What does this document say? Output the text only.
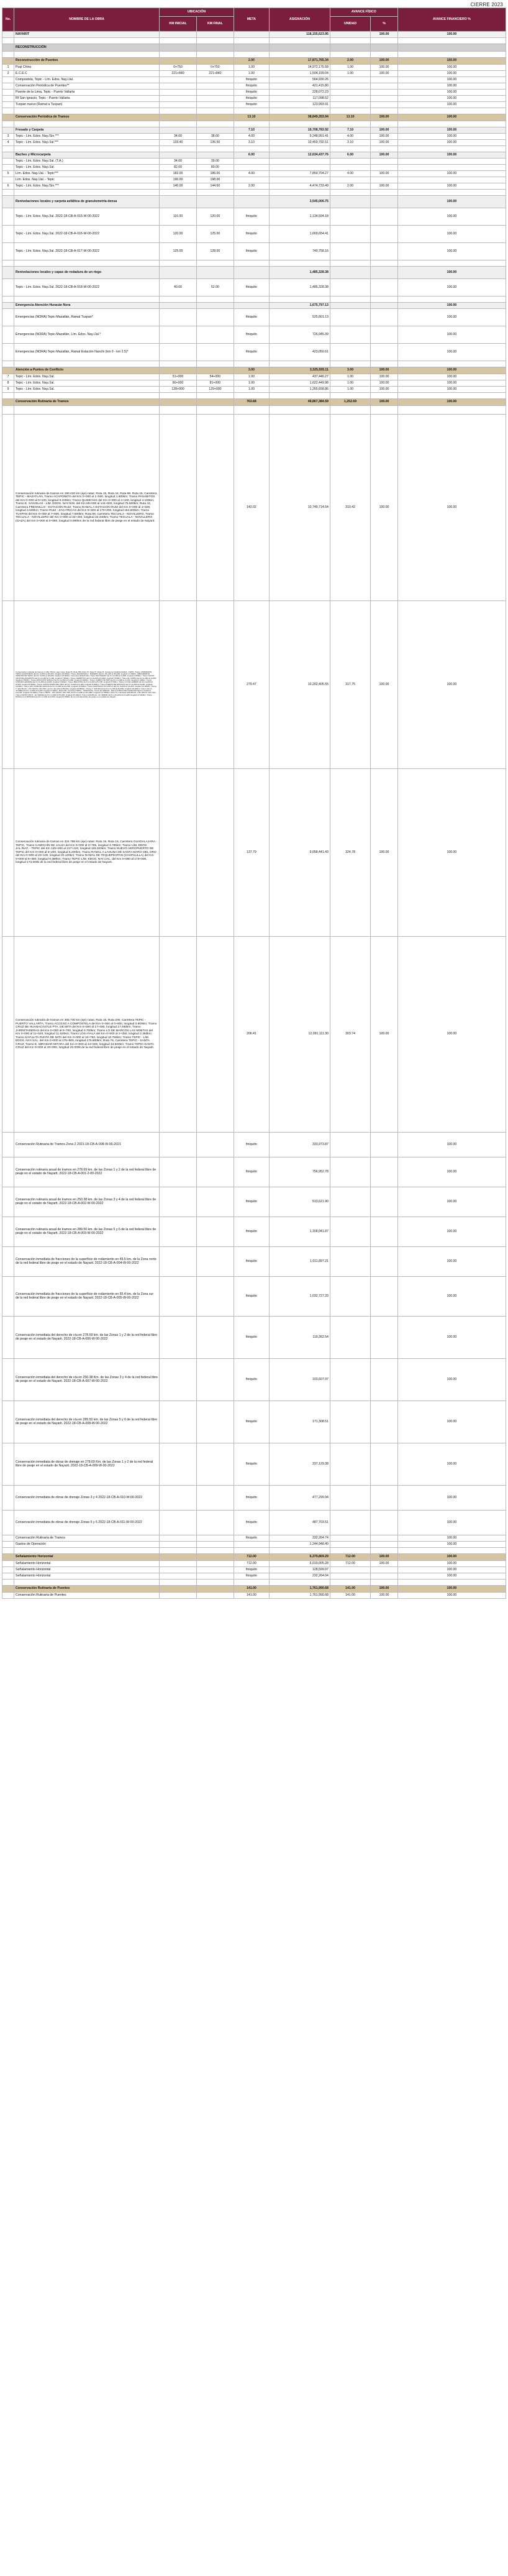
CIERRE 2023
No.	NOMBRE DE LA OBRA	UBICACIÓN		META	ASIGNACIÓN	AVANCE FÍSICO		AVANCE FINANCIERO %
		KM INICIAL	KM FINAL			UNIDAD	%	
	NAYARIT				118,155,623.95		100.00	100.00

	RECONSTRUCCIÓN							

	Reconstrucción de Puentes			2.00	17,871,765.34	2.00	100.00	100.00
1	Puqi Chino	0+750	0+750	1.00	14,972,175.58	1.00	100.00	100.00
2	E.C.E.C	221+840	221+840	1.00	1,504,199.04	1.00	100.00	100.00
	Compostela, Tepic - Lím. Edos. Nay./Jal.			finiquito	564,930.26			100.00
	Conservación Periódica de Puentes**			finiquito	421,415.80			100.00
	Puente de la Lima, Tepic - Puerto Vallarta			finiquito	228,072.23			100.00
	Rf San Ignacio, Tepic - Puerto Vallarta			finiquito	117,098.52			100.00
	Tuxpan nuevo (Ramal a Tuxpan)			finiquito	123,993.91			100.00

	Conservación Periódica de Tramos			13.10	38,849,353.94	13.10	100.00	100.00

	Fresado y Carpeta			7.10	19,708,783.92	7.10	100.00	100.00
3	Tepic - Lím. Edos. Nay./Sin.***	34.00	38.00	4.00	9,248,991.41	4.00	100.00	100.00
4	Tepic - Lím. Edos. Nay./Jal.***	133.40	136.50	3.10	10,459,792.51	3.10	100.00	100.00

	Baches y Microcarpeta			6.00	12,634,437.76	6.00	100.00	100.00
	Tepic - Lím. Edos. Nay./Jal. (T.A.)	34.00	39.00					
	Tepic - Lím. Edos. Nay./Jal.	82.00	80.00					
5	Lím. Edos. Nay./Jal. - Tepic***	182.00	186.00	4.00	7,859,704.27	4.00	100.00	100.00
	Lím. Edos. Nay./Jal. - Tepic	190.00	198.00					
6	Tepic - Lím. Edos. Nay./Sin.***	140.00	144.60	2.00	4,474,733.49	2.00	100.00	100.00

	Renivelaciones locales y carpeta asfáltica de granulometría densa				3,545,006.75			100.00
	Tepic - Lím. Edos. Nay./Jal. 2022-18-CB-A-015-W-00-2022	116.00	120.00	finiquito	1,134,594.18			100.00
	Tepic - Lím. Edos. Nay./Jal. 2022-18-CB-A-016-W-00-2022	120.00	125.00	finiquito	1,669,654.41			100.00
	Tepic - Lím. Edos. Nay./Jal. 2022-18-CB-A-017-W-00-2022	125.00	128.00	finiquito	740,758.16			100.00

	Renivelaciones locales y capas de rodadura de un riego				1,485,328.38			100.00
	Tepic - Lím. Edos. Nay./Jal. 2022-18-CB-A-018-W-00-2022	40.00	52.00	finiquito	1,485,328.38			100.00

	Emergencia Atención Huracán Nora				1,675,797.13			100.00
	Emergencias (NORA) Tepic-Mazatlán, Ramal Tuxpan*			finiquito	525,801.13			100.00
	Emergencias (NORA) Tepic-Mazatlán, Lím. Edos. Nay./Jal.*			finiquito	726,945.39			100.00
	Emergencias (NORA) Tepic-Mazatlán, Ramal Estación Nanchi (km 0 - km 2.5)*			finiquito	423,050.61			100.00

	Atención a Puntos de Conflicto			3.00	3,325,555.11	3.00	100.00	100.00
7	Tepic - Lím. Edos. Nay./Jal.	51+000	54+000	1.00	437,446.27	1.00	100.00	100.00
8	Tepic - Lím. Edos. Nay./Jal.	80+000	81+000	1.00	1,622,449.98	1.00	100.00	100.00
9	Tepic - Lím. Edos. Nay./Jal.	128+000	129+000	1.00	1,265,658.86	1.00	100.00	100.00

	Conservación Rutinaria de Tramos			763.68	49,867,384.59	1,252.69	100.00	100.00

	Conservación rutinaria de tramos en 190.420 km (eje) rutas: Ruta 15, Ruta 44, Ruta 68. Ruta 15, Carretera TEPIC - MAZATLÁN, Tramo ACAPONETA del Km 0+000 al 1+000, longitud 1.600km; Tramo PASABITOS del Km 0+000 al 9+100, longitud 9.100km; Tramo QUIMICHIS del Km 0+000 al 4+100, longitud 4.100km; Tramo E. SAN BLAS - LÍM. EDOS. NAY./SIN. del Km 69+000 al 144+600, longitud 75.600km; Ruta 44, Carretera FRESNILLO - ESTACIÓN RUIZ, Tramo RAMAL A ESTACIÓN RUIZ del Km 0+000 al 4+500, longitud 4.500km; Tramo RUIZ - ZACATECAS del Km 5+500 al 170+000, longitud 164.500km; Tramo TUXPAN del Km 0+000 al 7+600, longitud 7.600km; Ruta 68, Carretera TECUALA - NOVILLERO, Tramo TECUALA - NOVILLERO del Km 0+000 al 32+400, longitud 32.340km; Tramo TECUALA - NOVILLERO (GAZA) del Km 0+000 al 0+890, longitud 0.890km de la red federal libre de peaje en el estado de Nayarit.			142.02	10,749,714.64	310.42	100.00	100.00
	Conservación rutinaria de tramos en 351.763 km (eje) rutas: Ruta 15, Ruta 15D, Ruta 70, Ruta 76. Ruta 15, Carretera GUADALAJARA - TEPIC, Tramo CORREDOR TEPIC-ACAPONETA del Km 0+000 al 18+400, longitud 18.400km; Tramo FRANCISCO I. MADERO del Km 18+400 al 36+000, longitud 17.600km; LIBRAMIENTO ORIENTE DE TEPIC del Km 0+000 al 18+000, longitud 18.000km; Carretera MAZATLÁN, Tramo BOTADERO del Km 0+000 al 3+600, longitud 3.600km; Tramo SANTA CRUZ DE ZAKAMOTA del Km 0+000 al 7+400, longitud 7.500km; Tramo CERRITOS del Km 0+000 al 5+600, longitud 5.600km; Tramo EL LIMÓN del Km 0+000 al 2+500, longitud 2.500km; Tramo ESTACIÓN NANCHI del Km 0+000 al 5+000, longitud 5.000km; Tramo CAMPO DE TIRO del Km 0+000 al 4+400, longitud 4.400km; Tramo CÁMARA GRANDE del Km 0+000 al 3+600, longitud 3.600km; Tramo MECATÁN del Km 0+000 al 8+700, longitud 8.700km; Tramo LO DE LAMEDO del Km 0+000 al 8+500, longitud 8.500km; Tramo SANTA MARÍA DEL ORO del Km 0+000 al 9+400, longitud 9.400km; Tramo PUERTA DE MANGOS del Km 0+000 al 9+200, longitud 9.200km; Tramo SAN JOSÉ DE GRACIA del Km 0+000 al 10+900, longitud 10.900km; Tramo SANTIAGO IXCUINTLA del Km 0+000 al 14+400, longitud 14.400km; Tramo T. SAN BLAS - LÍM. EDOS. NAY./SIN. del Km 39+100 al 68+900, longitud 29.800km; Tramo T. SAN BLAS del Km 0+700 al 28+600, longitud 28.400km; Tramo VILLA JUÁREZ del Km 0+000 al 9+400, longitud 9.400km; Ruta 15D, Carretera TEPIC - MAZATLÁN, Tramo EL ARENAL, Ramal A BOCA DE CAMICHÍN Del Km 0+000 al 19+100, longitud 19.100km; Tramo TEPIC - LÍM. EDOS. NAY./SIN. del Km 0+000 al 147+800, longitud 147.800km; Ruta 76, Carretera SAN BLAS - LÍM. EDOS. NAY./JAL., Tramo SANTA CRUZ - EL VERDE del Km 0+000 al 25+400, longitud 25.400km; Tramo SAN BLAS - EL VERDE del Km 20+000 al 47+200, longitud 27.200km; Tramo RAMAL A LA BATANGA del Km 0+000 al 6+500, longitud 6.500km de la red federal libre de peaje en el estado de Nayarit.			279.47	10,202,405.55	317.75	100.00	100.00
	Conservación rutinaria de tramos en 324.785 km (eje) rutas: Ruta 15, Ruta 15, Carretera GUADALAJARA - TEPIC, Tramo CAMICHÍN DE JAUJA del Km 0+000 al 3+785, longitud 3.785km; Tramo LÍM. EDOS. JAL./NAY. - TEPIC del Km 125+000 al 217+120, longitud 115.320km; Tramo NUEVO AEROPUERTO DE TEPIC del Km 0+000 al 5+200, longitud 5.200km; Tramo RAMAL A LAGUNA DE SANTA MARÍA DEL ORO del Km 0+000 al 20+100, longitud 20.100km; Tramo RAMAL DE TEQUEPEXPAN (CHAPALILLA) del Km 0+000 al 9+380, longitud 9.380km; Tramo TEPIC-LÍM. EDOS. NAY./JAL. del Km 0+000 al 173+000, longitud 173.000k de la red federal libre de peaje en el estado de Nayarit.			137.79	9,058,441.43	324.78	100.00	100.00
	Conservación rutinaria de tramos en 305.740 km (eje) rutas: Ruta 15, Ruta 200, Carretera TEPIC - PUERTO VALLARTA, Tramo ACCESO A COMPOSTELA del Km 0+000 al 0+800, longitud 0.800km; Tramo CRUZ DE HUANACAXTLE PTA. DE MITA del Km 0+000 al 17+480, longitud 17.480km; Tramo JARRETADERAS del Km 0+000 al 0+700, longitud 0.700km; Tramo LO DE MARCOS LAS MINITAS del Km 0+000 al 11+520, longitud 11.520km; Tramo LOS AYALA del Km 0+000 al 2+350, longitud 2.350km; Tramo SAYULITA PUNTA DE MITA del Km 0+000 al 10+750, longitud 10.750km; Tramo TEPIC - LÍM. EDOS. NAY./JAL. del Km 0+000 al 175+800, longitud 175.800km; Ruta 76, Carretera TEPIC - SANTA CRUZ, Tramo E. MIRAMAR-MITARA del Km 0+000 al 43+500, longitud 43.500km; Tramo TEPIC-SANTA CRUZ del Km 0+000 al 20+000, longitud 20.000k de la red federal libre de peaje en el estado de Nayarit.			206.41	12,091,111.30	303.74	100.00	100.00
	Conservación Rutinaria de Tramos Zona 2 2021-18-CB-A-008-W-00-2021			finiquito	333,973.87			100.00
	Conservación rutinaria anual de tramos en 278.69 km. de las Zonas 1 y 2 de la red federal libre de peaje en el estado de Nayarit. 2022-18-CB-A-001-2-00-2022			finiquito	756,952.78			100.00
	Conservación rutinaria anual de tramos en 250.38 km. de las Zonas 3 y 4 de la red federal libre de peaje en el estado de Nayarit. 2022-18-CB-A-002-W-00-2022			finiquito	513,621.90			100.00
	Conservación rutinaria anual de tramos en 289.50 km. de las Zonas 5 y 6 de la red federal libre de peaje en el estado de Nayarit. 2022-18-CB-A-003-W-00-2022			finiquito	1,168,041.87			100.00
	Conservación inmediata de fracciones de la superficie de rodamiento en 49.5 km. de la Zona norte de la red federal libre de peaje en el estado de Nayarit. 2022-18-CB-A-004-W-00-2022			finiquito	1,011,897.21			100.00
	Conservación inmediata de fracciones de la superficie de rodamiento en 65.4 km. de la Zona sur de la red federal libre de peaje en el estado de Nayarit. 2022-18-CB-A-005-W-00-2022			finiquito	1,032,727.33			100.00
	Conservación inmediata del derecho de vía en 278.69 km. de las Zonas 1 y 2 de la red federal libre de peaje en el estado de Nayarit. 2022-18-CB-A-006-W-00-2022			finiquito	119,362.54			100.00
	Conservación inmediata del derecho de vía en 250.38 Km. de las Zonas 3 y 4 de la red federal libre de peaje en el estado de Nayarit. 2022-18-CB-A-007-W-00-2022			finiquito	103,607.97			100.00
	Conservación inmediata del derecho de vía en 289.50 km. de las Zonas 5 y 6 de la red federal libre de peaje en el estado de Nayarit. 2022-18-CB-A-008-W-00-2022			finiquito	171,308.51			100.00
	Conservación inmediata de obras de drenaje en 278.69 Km. de las Zonas 1 y 2 de la red federal libre de peaje en el estado de Nayarit. 2022-18-CB-A-009-W-00-2022			finiquito	337,129.38			100.00
	Conservación inmediata de obras de drenaje Zonas 3 y 4 2022-18-CB-A-010-W-00-2022			finiquito	477,299.94			100.00
	Conservación inmediata de obras de drenaje Zonas 5 y 6 2022-18-CB-A-011-W-00-2022			finiquito	487,703.51			100.00
	Conservación Rutinaria de Tramos			finiquito	332,264.74			100.00
	Gastos de Operación				1,244,948.40			100.00

	Señalamiento Horizontal			712.00	6,379,869.29	712.00	100.00	100.00
	Señalamiento Horizontal			712.00	6,019,005.28	712.00	100.00	100.00
	Señalamiento Horizontal			finiquito	128,599.97			100.00
	Señalamiento Horizontal			finiquito	232,264.04			100.00

	Conservación Rutinaria de Puentes			141.00	1,761,990.68	141.00	100.00	100.00
	Conservación Rutinaria de Puentes			141.00	1,761,990.68	141.00	100.00	100.00
